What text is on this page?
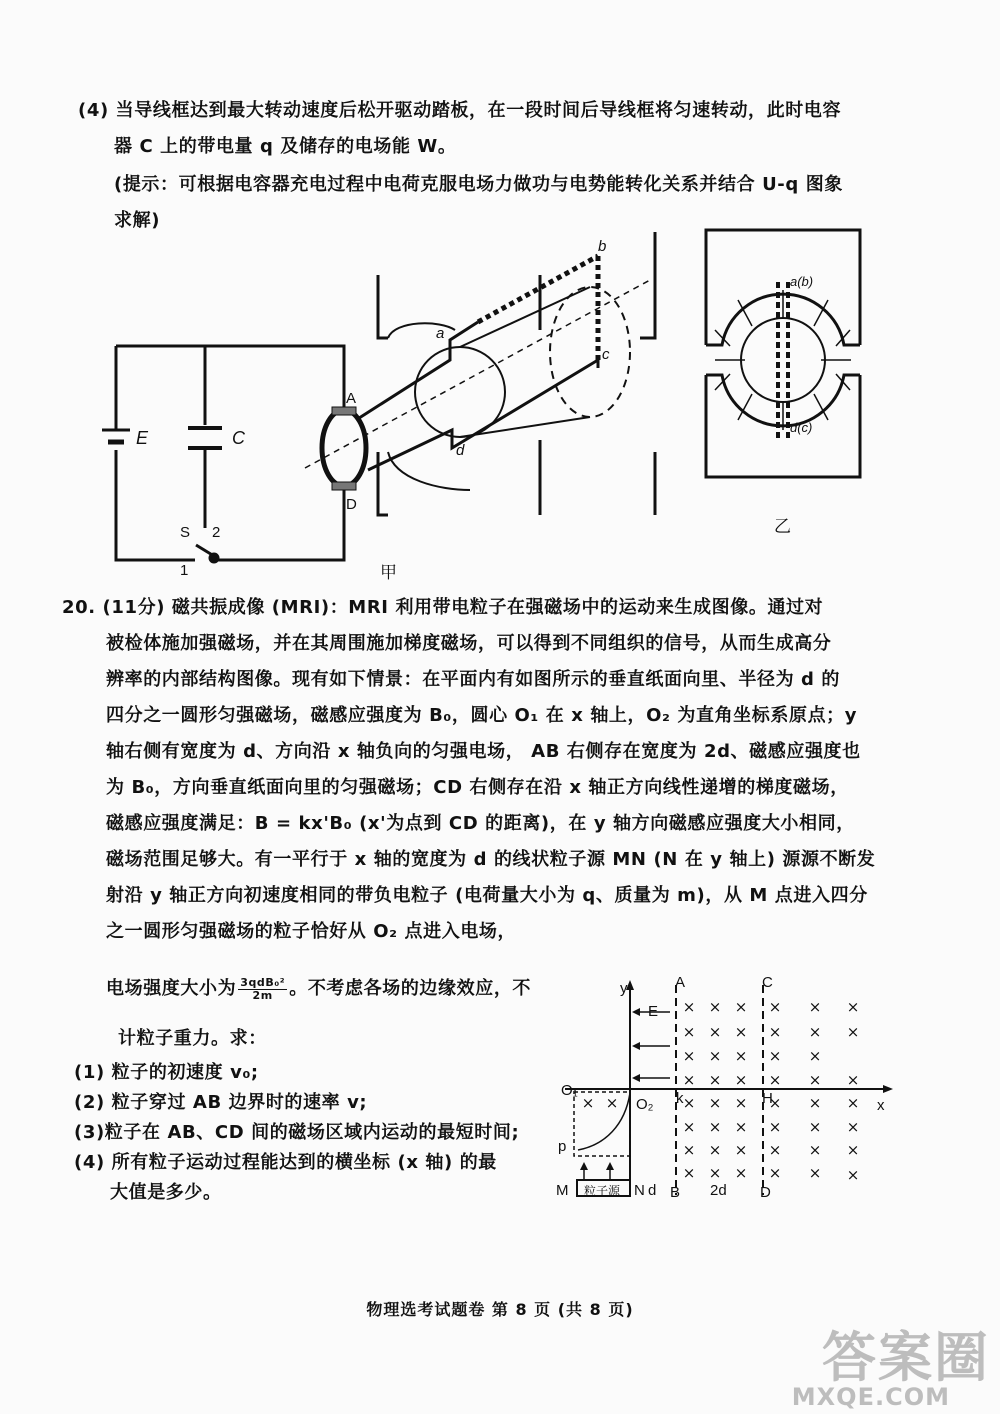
(4) 当导线框达到最大转动速度后松开驱动踏板，在一段时间后导线框将匀速转动，此时电容
器 C 上的带电量 q 及储存的电场能 W。
(提示：可根据电容器充电过程中电荷克服电场力做功与电势能转化关系并结合 U-q 图象
求解)
E	C
S 2
1
A
D
a
b
c
d
甲
a(b)
d(c)
乙
20. (11分) 磁共振成像 (MRI)：MRI 利用带电粒子在强磁场中的运动来生成图像。通过对
被检体施加强磁场，并在其周围施加梯度磁场，可以得到不同组织的信号，从而生成高分
辨率的内部结构图像。现有如下情景：在平面内有如图所示的垂直纸面向里、半径为 d 的
四分之一圆形匀强磁场，磁感应强度为 B₀，圆心 O₁ 在 x 轴上，O₂ 为直角坐标系原点；y
轴右侧有宽度为 d、方向沿 x 轴负向的匀强电场， AB 右侧存在宽度为 2d、磁感应强度也
为 B₀，方向垂直纸面向里的匀强磁场；CD 右侧存在沿 x 轴正方向线性递增的梯度磁场，
磁感应强度满足：B = kx'B₀ (x'为点到 CD 的距离)，在 y 轴方向磁感应强度大小相同，
磁场范围足够大。有一平行于 x 轴的宽度为 d 的线状粒子源 MN (N 在 y 轴上) 源源不断发
射沿 y 轴正方向初速度相同的带负电粒子 (电荷量大小为 q、质量为 m)，从 M 点进入四分
之一圆形匀强磁场的粒子恰好从 O₂ 点进入电场，
电场强度大小为 $\frac{\text{3qdB₀²}}{2m}$ 。不考虑各场的边缘效应，不
计粒子重力。求：
(1) 粒子的初速度 v₀;
(2) 粒子穿过 AB 边界时的速率 v;
(3)粒子在 AB、CD 间的磁场区域内运动的最短时间;
(4) 所有粒子运动过程能达到的横坐标 (x 轴) 的最
大值是多少。
× × × × × ×
× × × × × ×
× × × × ×
× × × × × ×
× × × × × ×
× × × × × ×
× × × × × ×
× × × × × ×
× ×
y
x
A	C
B	D
E
O₁
O₂ k	H
p
M	N d	2d
粒子源
物理选考试题卷 第 8 页 (共 8 页)
答案圈
MXQE.COM
